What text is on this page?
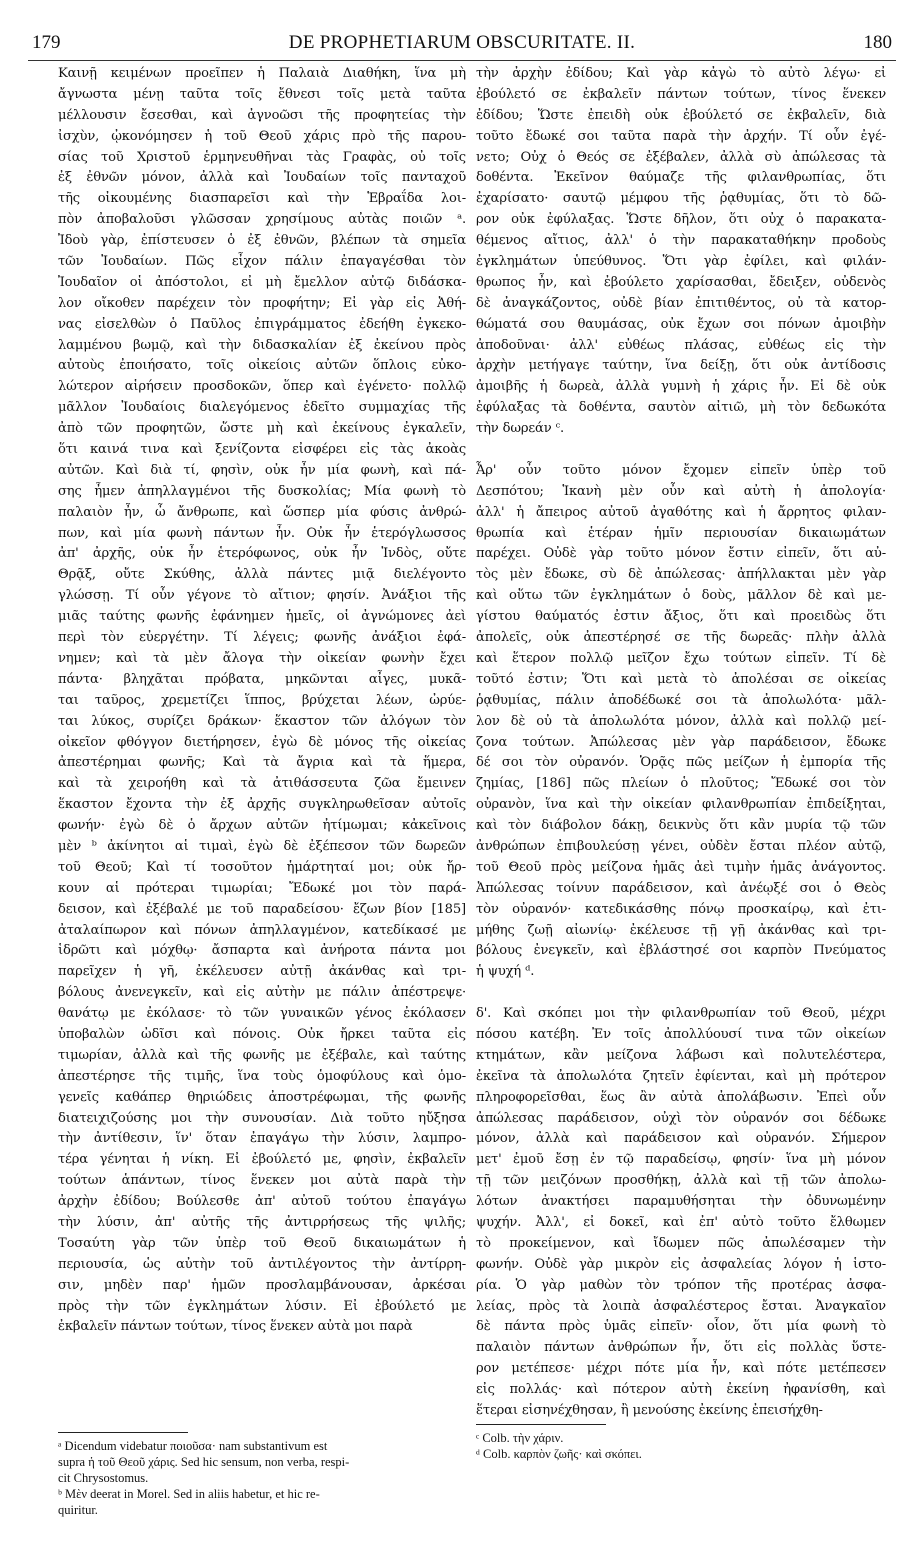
179	DE PROPHETIARUM OBSCURITATE. II.	180
Καινῇ κειμένων προεῖπεν ἡ Παλαιὰ Διαθήκη, ἵνα μὴ
ἄγνωστα μένῃ ταῦτα τοῖς ἔθνεσι τοῖς μετὰ ταῦτα
μέλλουσιν ἔσεσθαι, καὶ ἀγνοῶσι τῆς προφητείας τὴν
ἰσχὺν, ᾠκονόμησεν ἡ τοῦ Θεοῦ χάρις πρὸ τῆς παρου-
σίας τοῦ Χριστοῦ ἑρμηνευθῆναι τὰς Γραφὰς, οὐ τοῖς
ἐξ ἐθνῶν μόνον, ἀλλὰ καὶ Ἰουδαίων τοῖς πανταχοῦ
τῆς οἰκουμένης διασπαρεῖσι καὶ τὴν Ἑβραΐδα λοι-
πὸν ἀποβαλοῦσι γλῶσσαν χρησίμους αὐτὰς ποιῶν ᵃ.
Ἰδοὺ γὰρ, ἐπίστευσεν ὁ ἐξ ἐθνῶν, βλέπων τὰ σημεῖα
τῶν Ἰουδαίων. Πῶς εἶχον πάλιν ἐπαγαγέσθαι τὸν
Ἰουδαῖον οἱ ἀπόστολοι, εἰ μὴ ἔμελλον αὐτῷ διδάσκα-
λον οἴκοθεν παρέχειν τὸν προφήτην; Εἰ γὰρ εἰς Ἀθή-
νας εἰσελθὼν ὁ Παῦλος ἐπιγράμματος ἐδεήθη ἐγκεκο-
λαμμένου βωμῷ, καὶ τὴν διδασκαλίαν ἐξ ἐκείνου πρὸς
αὐτοὺς ἐποιήσατο, τοῖς οἰκείοις αὐτῶν ὅπλοις εὐκο-
λώτερον αἱρήσειν προσδοκῶν, ὅπερ καὶ ἐγένετο· πολλῷ
μᾶλλον Ἰουδαίοις διαλεγόμενος ἐδεῖτο συμμαχίας τῆς
ἀπὸ τῶν προφητῶν, ὥστε μὴ καὶ ἐκείνους ἐγκαλεῖν,
ὅτι καινά τινα καὶ ξενίζοντα εἰσφέρει εἰς τὰς ἀκοὰς
αὐτῶν. Καὶ διὰ τί, φησὶν, οὐκ ἦν μία φωνὴ, καὶ πά-
σης ἦμεν ἀπηλλαγμένοι τῆς δυσκολίας; Μία φωνὴ τὸ
παλαιὸν ἦν, ὦ ἄνθρωπε, καὶ ὥσπερ μία φύσις ἀνθρώ-
πων, καὶ μία φωνὴ πάντων ἦν. Οὐκ ἦν ἑτερόγλωσσος
ἀπ' ἀρχῆς, οὐκ ἦν ἑτερόφωνος, οὐκ ἦν Ἰνδὸς, οὔτε
Θρᾷξ, οὔτε Σκύθης, ἀλλὰ πάντες μιᾷ διελέγοντο
γλώσσῃ. Τί οὖν γέγονε τὸ αἴτιον; φησίν. Ἀνάξιοι τῆς
μιᾶς ταύτης φωνῆς ἐφάνημεν ἡμεῖς, οἱ ἀγνώμονες ἀεὶ
περὶ τὸν εὐεργέτην. Τί λέγεις; φωνῆς ἀνάξιοι ἐφά-
νημεν; καὶ τὰ μὲν ἄλογα τὴν οἰκείαν φωνὴν ἔχει
πάντα· βληχᾶται πρόβατα, μηκῶνται αἶγες, μυκᾶ-
ται ταῦρος, χρεμετίζει ἵππος, βρύχεται λέων, ὠρύε-
ται λύκος, συρίζει δράκων· ἕκαστον τῶν ἀλόγων τὸν
οἰκεῖον φθόγγον διετήρησεν, ἐγὼ δὲ μόνος τῆς οἰκείας
ἀπεστέρημαι φωνῆς; Καὶ τὰ ἄγρια καὶ τὰ ἥμερα,
καὶ τὰ χειροήθη καὶ τὰ ἀτιθάσσευτα ζῶα ἔμεινεν
ἕκαστον ἔχοντα τὴν ἐξ ἀρχῆς συγκληρωθεῖσαν αὐτοῖς
φωνήν· ἐγὼ δὲ ὁ ἄρχων αὐτῶν ἠτίμωμαι; κἀκεῖνοις
μὲν ᵇ ἀκίνητοι αἱ τιμαὶ, ἐγὼ δὲ ἐξέπεσον τῶν δωρεῶν
τοῦ Θεοῦ; Καὶ τί τοσοῦτον ἡμάρτηταί μοι; οὐκ ἤρ-
κουν αἱ πρότεραι τιμωρίαι; Ἔδωκέ μοι τὸν παρά-
δεισον, καὶ ἐξέβαλέ με τοῦ παραδείσου· ἔζων βίον [185]
ἀταλαίπωρον καὶ πόνων ἀπηλλαγμένον, κατεδίκασέ με
ἱδρῶτι καὶ μόχθῳ· ἄσπαρτα καὶ ἀνήροτα πάντα μοι
παρεῖχεν ἡ γῆ, ἐκέλευσεν αὐτῇ ἀκάνθας καὶ τρι-
βόλους ἀνενεγκεῖν, καὶ εἰς αὐτὴν με πάλιν ἀπέστρεψε·
θανάτῳ με ἐκόλασε· τὸ τῶν γυναικῶν γένος ἐκόλασεν
ὑποβαλὼν ὠδῖσι καὶ πόνοις. Οὐκ ἤρκει ταῦτα εἰς
τιμωρίαν, ἀλλὰ καὶ τῆς φωνῆς με ἐξέβαλε, καὶ ταύτης
ἀπεστέρησε τῆς τιμῆς, ἵνα τοὺς ὁμοφύλους καὶ ὁμο-
γενεῖς καθάπερ θηριώδεις ἀποστρέφωμαι, τῆς φωνῆς
διατειχιζούσης μοι τὴν συνουσίαν. Διὰ τοῦτο ηὔξησα
τὴν ἀντίθεσιν, ἵν' ὅταν ἐπαγάγω τὴν λύσιν, λαμπρο-
τέρα γένηται ἡ νίκη. Εἰ ἐβούλετό με, φησὶν, ἐκβαλεῖν
τούτων ἁπάντων, τίνος ἕνεκεν μοι αὐτὰ παρὰ τὴν
ἀρχὴν ἐδίδου; Βούλεσθε ἀπ' αὐτοῦ τούτου ἐπαγάγω
τὴν λύσιν, ἀπ' αὐτῆς τῆς ἀντιρρήσεως τῆς ψιλῆς;
Τοσαύτη γὰρ τῶν ὑπὲρ τοῦ Θεοῦ δικαιωμάτων ἡ
περιουσία, ὡς αὐτὴν τοῦ ἀντιλέγοντος τὴν ἀντίρρη-
σιν, μηδὲν παρ' ἡμῶν προσλαμβάνουσαν, ἀρκέσαι
πρὸς τὴν τῶν ἐγκλημάτων λύσιν. Εἰ ἐβούλετό με
ἐκβαλεῖν πάντων τούτων, τίνος ἕνεκεν αὐτὰ μοι παρὰ
τὴν ἀρχὴν ἐδίδου; Καὶ γὰρ κἀγὼ τὸ αὐτὸ λέγω· εἰ
ἐβούλετό σε ἐκβαλεῖν πάντων τούτων, τίνος ἕνεκεν
ἐδίδου; Ὥστε ἐπειδὴ οὐκ ἐβούλετό σε ἐκβαλεῖν, διὰ
τοῦτο ἔδωκέ σοι ταῦτα παρὰ τὴν ἀρχήν. Τί οὖν ἐγέ-
νετο; Οὐχ ὁ Θεός σε ἐξέβαλεν, ἀλλὰ σὺ ἀπώλεσας τὰ
δοθέντα. Ἐκεῖνον θαύμαζε τῆς φιλανθρωπίας, ὅτι
ἐχαρίσατο· σαυτῷ μέμφου τῆς ῥᾳθυμίας, ὅτι τὸ δῶ-
ρον οὐκ ἐφύλαξας. Ὥστε δῆλον, ὅτι οὐχ ὁ παρακατα-
θέμενος αἴτιος, ἀλλ' ὁ τὴν παρακαταθήκην προδοὺς
ἐγκλημάτων ὑπεύθυνος. Ὅτι γὰρ ἐφίλει, καὶ φιλάν-
θρωπος ἦν, καὶ ἐβούλετο χαρίσασθαι, ἔδειξεν, οὐδενὸς
δὲ ἀναγκάζοντος, οὐδὲ βίαν ἐπιτιθέντος, οὐ τὰ κατορ-
θώματά σου θαυμάσας, οὐκ ἔχων σοι πόνων ἀμοιβὴν
ἀποδοῦναι· ἀλλ' εὐθέως πλάσας, εὐθέως εἰς τὴν
ἀρχὴν μετήγαγε ταύτην, ἵνα δείξῃ, ὅτι οὐκ ἀντίδοσις
ἀμοιβῆς ἡ δωρεὰ, ἀλλὰ γυμνὴ ἡ χάρις ἦν. Εἰ δὲ οὐκ
ἐφύλαξας τὰ δοθέντα, σαυτὸν αἰτιῶ, μὴ τὸν δεδωκότα
τὴν δωρεάν ᶜ.

Ἆρ' οὖν τοῦτο μόνον ἔχομεν εἰπεῖν ὑπὲρ τοῦ
Δεσπότου; Ἱκανὴ μὲν οὖν καὶ αὐτὴ ἡ ἀπολογία·
ἀλλ' ἡ ἄπειρος αὐτοῦ ἀγαθότης καὶ ἡ ἄρρητος φιλαν-
θρωπία καὶ ἑτέραν ἡμῖν περιουσίαν δικαιωμάτων
παρέχει. Οὐδὲ γὰρ τοῦτο μόνον ἔστιν εἰπεῖν, ὅτι αὐ-
τὸς μὲν ἔδωκε, σὺ δὲ ἀπώλεσας· ἀπήλλακται μὲν γὰρ
καὶ οὕτω τῶν ἐγκλημάτων ὁ δοὺς, μᾶλλον δὲ καὶ με-
γίστου θαύματός ἐστιν ἄξιος, ὅτι καὶ προειδὼς ὅτι
ἀπολεῖς, οὐκ ἀπεστέρησέ σε τῆς δωρεᾶς· πλὴν ἀλλὰ
καὶ ἕτερον πολλῷ μεῖζον ἔχω τούτων εἰπεῖν. Τί δὲ
τοῦτό ἐστιν; Ὅτι καὶ μετὰ τὸ ἀπολέσαι σε οἰκείας
ῥᾳθυμίας, πάλιν ἀποδέδωκέ σοι τὰ ἀπολωλότα· μᾶλ-
λον δὲ οὐ τὰ ἀπολωλότα μόνον, ἀλλὰ καὶ πολλῷ μεί-
ζονα τούτων. Ἀπώλεσας μὲν γὰρ παράδεισον, ἔδωκε
δέ σοι τὸν οὐρανόν. Ὁρᾷς πῶς μείζων ἡ ἐμπορία τῆς
ζημίας, [186] πῶς πλείων ὁ πλοῦτος; Ἔδωκέ σοι τὸν
οὐρανὸν, ἵνα καὶ τὴν οἰκείαν φιλανθρωπίαν ἐπιδείξηται,
καὶ τὸν διάβολον δάκῃ, δεικνὺς ὅτι κἂν μυρία τῷ τῶν
ἀνθρώπων ἐπιβουλεύσῃ γένει, οὐδὲν ἔσται πλέον αὐτῷ,
τοῦ Θεοῦ πρὸς μείζονα ἡμᾶς ἀεὶ τιμὴν ἡμᾶς ἀνάγοντος.
Ἀπώλεσας τοίνυν παράδεισον, καὶ ἀνέῳξέ σοι ὁ Θεὸς
τὸν οὐρανόν· κατεδικάσθης πόνῳ προσκαίρῳ, καὶ ἐτι-
μήθης ζωῇ αἰωνίῳ· ἐκέλευσε τῇ γῇ ἀκάνθας καὶ τρι-
βόλους ἐνεγκεῖν, καὶ ἐβλάστησέ σοι καρπὸν Πνεύματος
ἡ ψυχή ᵈ.

δ'. Καὶ σκόπει μοι τὴν φιλανθρωπίαν τοῦ Θεοῦ, μέχρι
πόσου κατέβη. Ἐν τοῖς ἀπολλύουσί τινα τῶν οἰκείων
κτημάτων, κἂν μείζονα λάβωσι καὶ πολυτελέστερα,
ἐκεῖνα τὰ ἀπολωλότα ζητεῖν ἐφίενται, καὶ μὴ πρότερον
πληροφορεῖσθαι, ἕως ἂν αὐτὰ ἀπολάβωσιν. Ἐπεὶ οὖν
ἀπώλεσας παράδεισον, οὐχὶ τὸν οὐρανόν σοι δέδωκε
μόνον, ἀλλὰ καὶ παράδεισον καὶ οὐρανόν. Σήμερον
μετ' ἐμοῦ ἔσῃ ἐν τῷ παραδείσῳ, φησίν· ἵνα μὴ μόνον
τῇ τῶν μειζόνων προσθήκῃ, ἀλλὰ καὶ τῇ τῶν ἀπολω-
λότων ἀνακτήσει παραμυθήσηται τὴν ὀδυνωμένην
ψυχήν. Ἀλλ', εἰ δοκεῖ, καὶ ἐπ' αὐτὸ τοῦτο ἔλθωμεν
τὸ προκείμενον, καὶ ἴδωμεν πῶς ἀπωλέσαμεν τὴν
φωνήν. Οὐδὲ γὰρ μικρὸν εἰς ἀσφαλείας λόγον ἡ ἱστο-
ρία. Ὁ γὰρ μαθὼν τὸν τρόπον τῆς προτέρας ἀσφα-
λείας, πρὸς τὰ λοιπὰ ἀσφαλέστερος ἔσται. Ἀναγκαῖον
δὲ πάντα πρὸς ὑμᾶς εἰπεῖν· οἷον, ὅτι μία φωνὴ τὸ
παλαιὸν πάντων ἀνθρώπων ἦν, ὅτι εἰς πολλὰς ὕστε-
ρον μετέπεσε· μέχρι πότε μία ἦν, καὶ πότε μετέπεσεν
εἰς πολλάς· καὶ πότερον αὐτὴ ἐκείνη ἠφανίσθη, καὶ
ἕτεραι εἰσηνέχθησαν, ἢ μενούσης ἐκείνης ἐπεισήχθη-
ᵃ Dicendum videbatur ποιοῦσα· nam substantivum est
supra ἡ τοῦ Θεοῦ χάρις. Sed hic sensum, non verba, respi-
cit Chrysostomus.
ᵇ Μὲν deerat in Morel. Sed in aliis habetur, et hic re-
quiritur.
ᶜ Colb. τὴν χάριν.
ᵈ Colb. καρπὸν ζωῆς· καὶ σκόπει.
